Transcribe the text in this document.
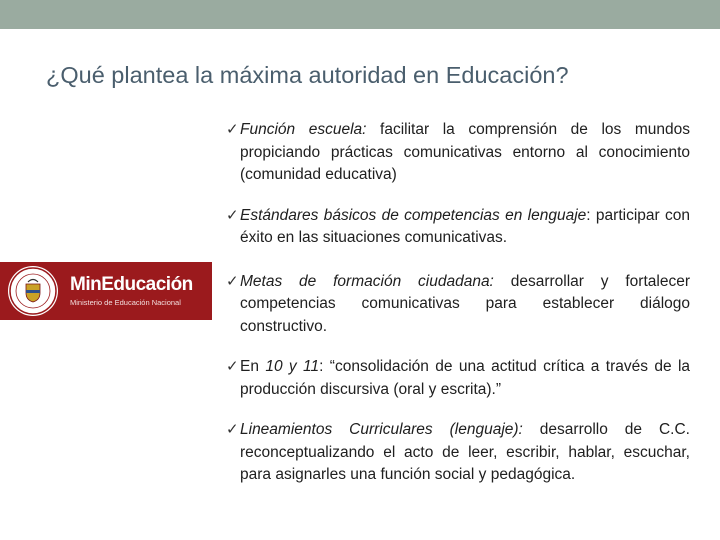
¿Qué plantea la máxima autoridad en Educación?
MinEducación
Ministerio de Educación Nacional
✓ Función escuela: facilitar la comprensión de los mundos propiciando prácticas comunicativas entorno al conocimiento (comunidad educativa)
✓ Estándares básicos de competencias en lenguaje: participar con éxito en las situaciones comunicativas.
✓ Metas de formación ciudadana: desarrollar y fortalecer competencias comunicativas para establecer diálogo constructivo.
✓ En 10 y 11: “consolidación de una actitud crítica a través de la producción discursiva (oral y escrita).”
✓ Lineamientos Curriculares (lenguaje): desarrollo de C.C. reconceptualizando el acto de leer, escribir, hablar, escuchar, para asignarles una función social y pedagógica.
